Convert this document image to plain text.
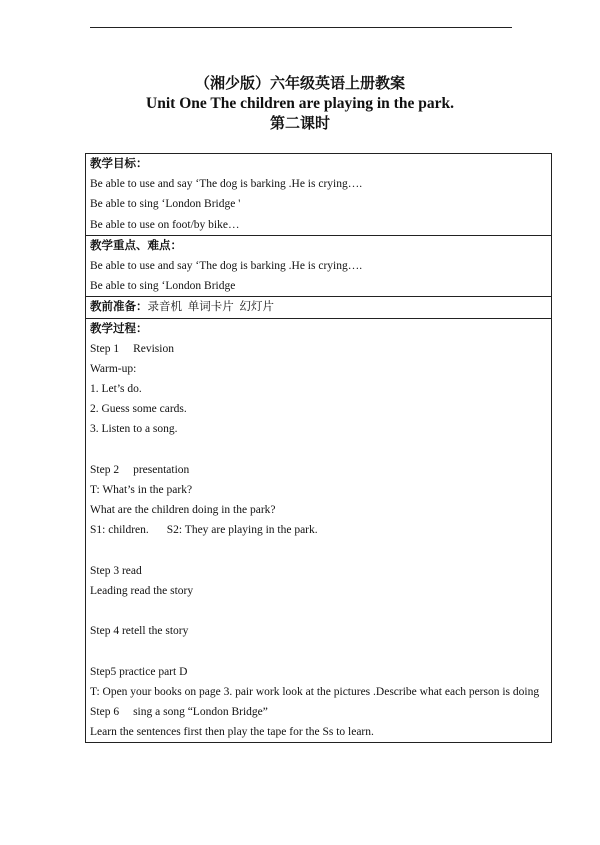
（湘少版）六年级英语上册教案
Unit One The children are playing in the park.
第二课时
教学目标：
Be able to use and say ‘The dog is barking .He is crying….
Be able to sing ‘London Bridge '
Be able to use on foot/by bike…

教学重点、难点：
Be able to use and say ‘The dog is barking .He is crying….
Be able to sing ‘London Bridge

教前准备：录音机  单词卡片  幻灯片

教学过程：
Step 1 Revision
Warm-up:
1. Let’s do.
2. Guess some cards.
3. Listen to a song.
Step 2 presentation
T: What’s in the park?
What are the children doing in the park?
S1: children. S2: They are playing in the park.
Step 3 read
Leading read the story
Step 4 retell the story
Step5 practice part D
T: Open your books on page 3. pair work look at the pictures .Describe what each person is doing
Step 6 sing a song “London Bridge”
Learn the sentences first then play the tape for the Ss to learn.
